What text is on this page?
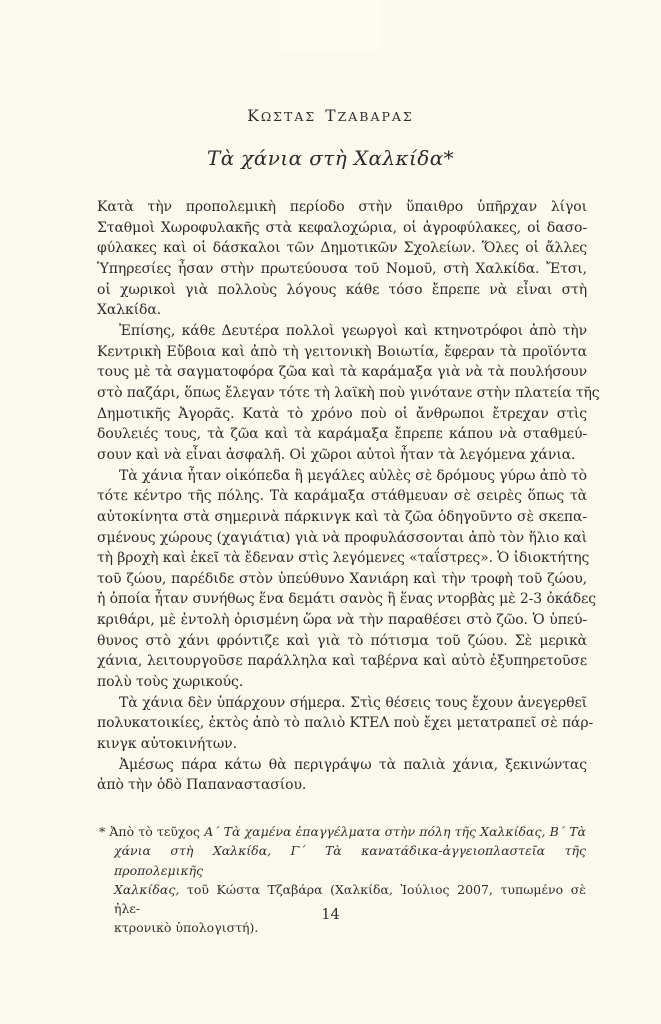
ΚΩΣΤΑΣ ΤΖΑΒΑΡΑΣ
Τὰ χάνια στὴ Χαλκίδα*
Κατὰ τὴν προπολεμικὴ περίοδο στὴν ὕπαιθρο ὑπῆρχαν λίγοι
Σταθμοὶ Χωροφυλακῆς στὰ κεφαλοχώρια, οἱ ἀγροφύλακες, οἱ δασο-
φύλακες καὶ οἱ δάσκαλοι τῶν Δημοτικῶν Σχολείων. Ὅλες οἱ ἄλλες
Ὑπηρεσίες ἦσαν στὴν πρωτεύουσα τοῦ Νομοῦ, στὴ Χαλκίδα. Ἔτσι,
οἱ χωρικοὶ γιὰ πολλοὺς λόγους κάθε τόσο ἔπρεπε νὰ εἶναι στὴ
Χαλκίδα.
Ἐπίσης, κάθε Δευτέρα πολλοὶ γεωργοὶ καὶ κτηνοτρόφοι ἀπὸ τὴν
Κεντρικὴ Εὔβοια καὶ ἀπὸ τὴ γειτονικὴ Βοιωτία, ἔφεραν τὰ προϊόντα
τους μὲ τὰ σαγματοφόρα ζῶα καὶ τὰ καράμαξα γιὰ νὰ τὰ πουλήσουν
στὸ παζάρι, ὅπως ἔλεγαν τότε τὴ λαϊκὴ ποὺ γινότανε στὴν πλατεία τῆς
Δημοτικῆς Ἀγορᾶς. Κατὰ τὸ χρόνο ποὺ οἱ ἄνθρωποι ἔτρεχαν στὶς
δουλειές τους, τὰ ζῶα καὶ τὰ καράμαξα ἔπρεπε κάπου νὰ σταθμεύ-
σουν καὶ νὰ εἶναι ἀσφαλῆ. Οἱ χῶροι αὐτοὶ ἦταν τὰ λεγόμενα χάνια.
Τὰ χάνια ἦταν οἰκόπεδα ἢ μεγάλες αὐλὲς σὲ δρόμους γύρω ἀπὸ τὸ
τότε κέντρο τῆς πόλης. Τὰ καράμαξα στάθμευαν σὲ σειρὲς ὅπως τὰ
αὐτοκίνητα στὰ σημερινὰ πάρκινγκ καὶ τὰ ζῶα ὁδηγοῦντο σὲ σκεπα-
σμένους χώρους (χαγιάτια) γιὰ νὰ προφυλάσσονται ἀπὸ τὸν ἥλιο καὶ
τὴ βροχὴ καὶ ἐκεῖ τὰ ἔδεναν στὶς λεγόμενες «ταΐστρες». Ὁ ἰδιοκτήτης
τοῦ ζώου, παρέδιδε στὸν ὑπεύθυνο Χανιάρη καὶ τὴν τροφὴ τοῦ ζώου,
ἡ ὁποία ἦταν συνήθως ἕνα δεμάτι σανὸς ἢ ἕνας ντορβὰς μὲ 2-3 ὀκάδες
κριθάρι, μὲ ἐντολὴ ὁρισμένη ὥρα νὰ τὴν παραθέσει στὸ ζῶο. Ὁ ὑπεύ-
θυνος στὸ χάνι φρόντιζε καὶ γιὰ τὸ πότισμα τοῦ ζώου. Σὲ μερικὰ
χάνια, λειτουργοῦσε παράλληλα καὶ ταβέρνα καὶ αὐτὸ ἐξυπηρετοῦσε
πολὺ τοὺς χωρικούς.
Τὰ χάνια δὲν ὑπάρχουν σήμερα. Στὶς θέσεις τους ἔχουν ἀνεγερθεῖ
πολυκατοικίες, ἐκτὸς ἀπὸ τὸ παλιὸ ΚΤΕΛ ποὺ ἔχει μετατραπεῖ σὲ πάρ-
κινγκ αὐτοκινήτων.
Ἀμέσως πάρα κάτω θὰ περιγράψω τὰ παλιὰ χάνια, ξεκινώντας
ἀπὸ τὴν ὁδὸ Παπαναστασίου.
* Ἀπὸ τὸ τεῦχος Α΄ Τὰ χαμένα ἐπαγγέλματα στὴν πόλη τῆς Χαλκίδας, Β΄ Τὰ
χάνια στὴ Χαλκίδα, Γ΄ Τὰ κανατάδικα-ἀγγειοπλαστεῖα τῆς προπολεμικῆς
Χαλκίδας, τοῦ Κώστα Τζαβάρα (Χαλκίδα, Ἰούλιος 2007, τυπωμένο σὲ ἠλε-
κτρονικὸ ὑπολογιστή).
14
